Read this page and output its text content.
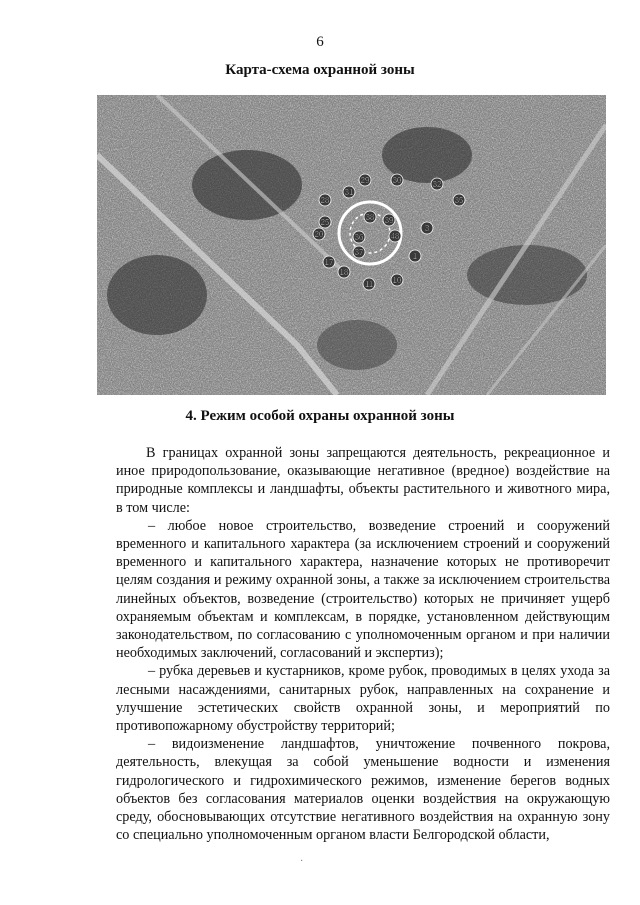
6
Карта-схема охранной зоны
29	30	32
28
31
35
25
38 39
20	36	48
3
37
17
1
18
11 10
4. Режим особой охраны охранной зоны

В границах охранной зоны запрещаются деятельность, рекреационное и иное природопользование, оказывающие негативное (вредное) воздействие на природные комплексы и ландшафты, объекты растительного и животного мира, в том числе:

– любое новое строительство, возведение строений и сооружений временного и капитального характера (за исключением строений и сооружений временного и капитального характера, назначение которых не противоречит целям создания и режиму охранной зоны, а также за исключением строительства линейных объектов, возведение (строительство) которых не причиняет ущерб охраняемым объектам и комплексам, в порядке, установленном действующим законодательством, по согласованию с уполномоченным органом и при наличии необходимых заключений, согласований и экспертиз);

– рубка деревьев и кустарников, кроме рубок, проводимых в целях ухода за лесными насаждениями, санитарных рубок, направленных на сохранение и улучшение эстетических свойств охранной зоны, и мероприятий по противопожарному обустройству территорий;

– видоизменение ландшафтов, уничтожение почвенного покрова, деятельность, влекущая за собой уменьшение водности и изменения гидрологического и гидрохимического режимов, изменение берегов водных объектов без согласования материалов оценки воздействия на окружающую среду, обосновывающих отсутствие негативного воздействия на охранную зону со специально уполномоченным органом власти Белгородской области,

·
